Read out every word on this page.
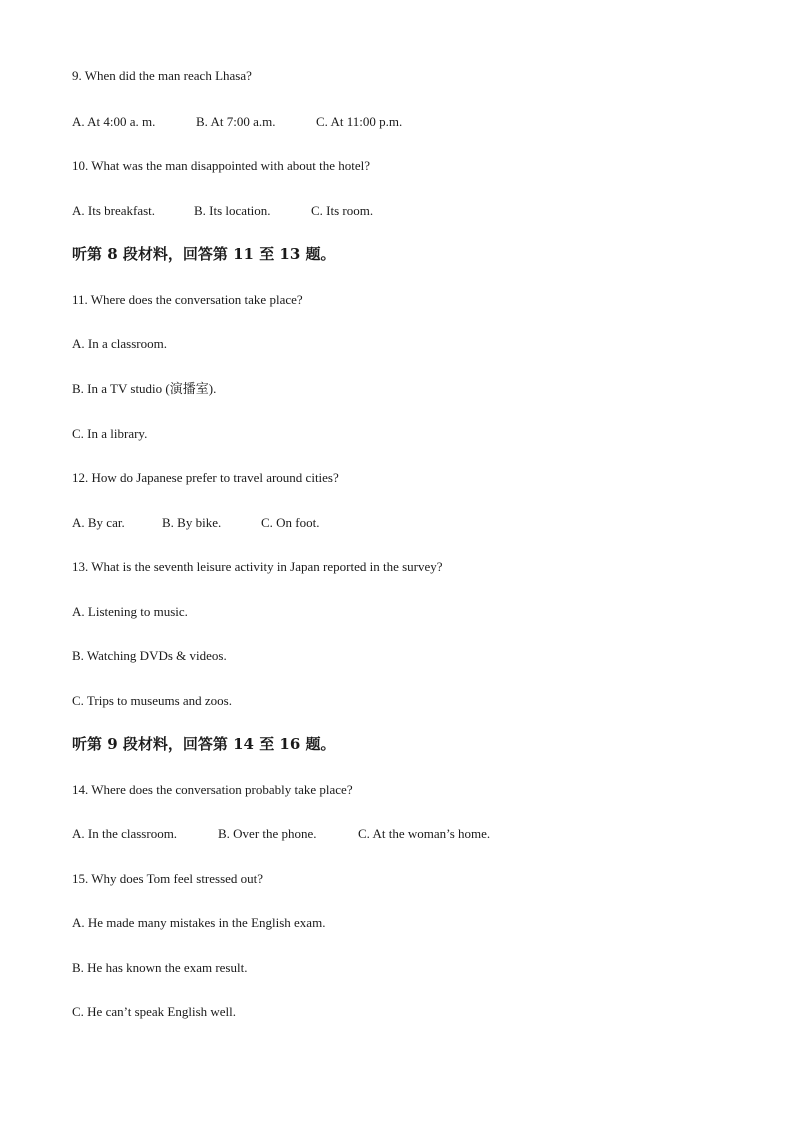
9. When did the man reach Lhasa?
A. At 4:00 a. m.	B. At 7:00 a.m.	C. At 11:00 p.m.
10. What was the man disappointed with about the hotel?
A. Its breakfast.	B. Its location.	C. Its room.
听第 8 段材料，回答第 11 至 13 题。
11. Where does the conversation take place?
A. In a classroom.
B. In a TV studio (演播室).
C. In a library.
12. How do Japanese prefer to travel around cities?
A. By car.	B. By bike.	C. On foot.
13. What is the seventh leisure activity in Japan reported in the survey?
A. Listening to music.
B. Watching DVDs & videos.
C. Trips to museums and zoos.
听第 9 段材料，回答第 14 至 16 题。
14. Where does the conversation probably take place?
A. In the classroom.	B. Over the phone.	C. At the woman’s home.
15. Why does Tom feel stressed out?
A. He made many mistakes in the English exam.
B. He has known the exam result.
C. He can’t speak English well.
